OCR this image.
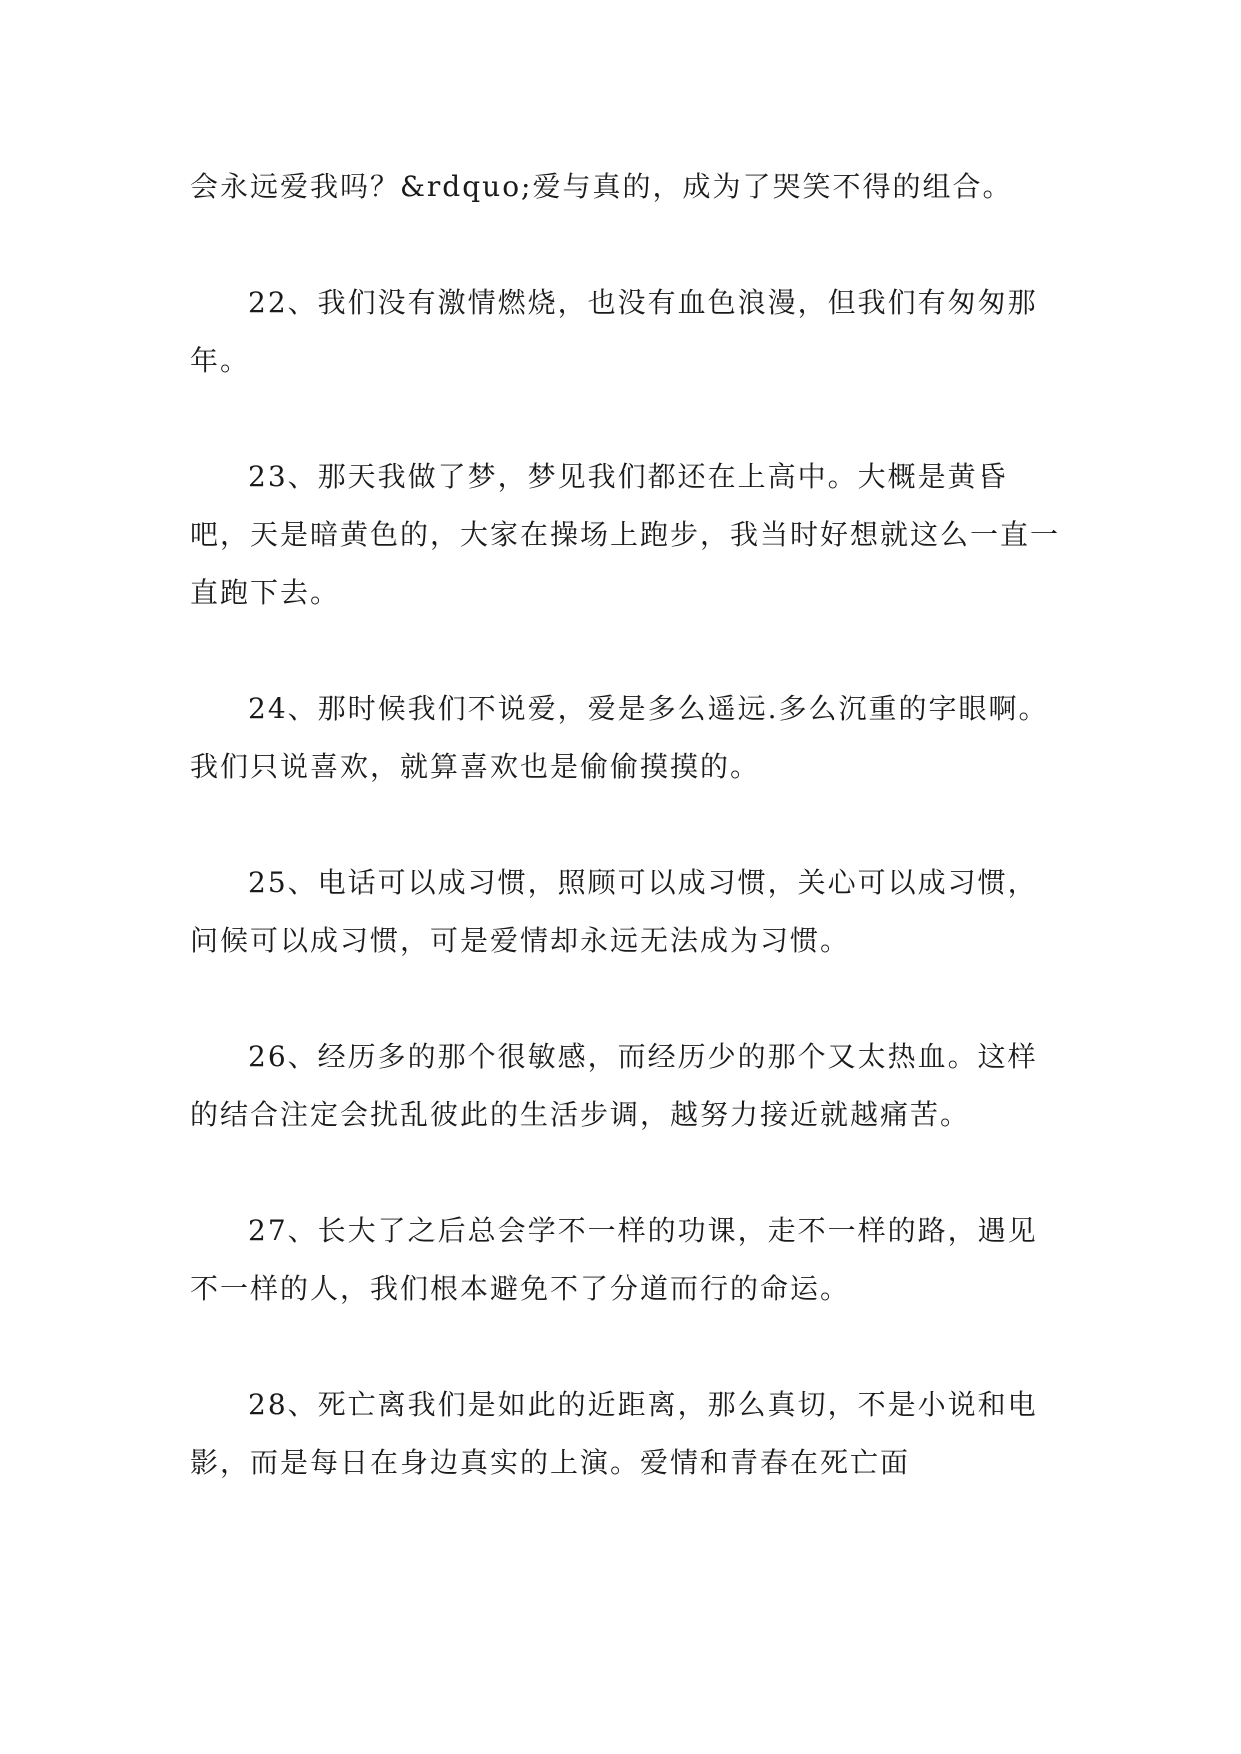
会永远爱我吗？&rdquo;爱与真的，成为了哭笑不得的组合。

22、我们没有激情燃烧，也没有血色浪漫，但我们有匆匆那年。

23、那天我做了梦，梦见我们都还在上高中。大概是黄昏吧，天是暗黄色的，大家在操场上跑步，我当时好想就这么一直一直跑下去。

24、那时候我们不说爱，爱是多么遥远.多么沉重的字眼啊。我们只说喜欢，就算喜欢也是偷偷摸摸的。

25、电话可以成习惯，照顾可以成习惯，关心可以成习惯，问候可以成习惯，可是爱情却永远无法成为习惯。

26、经历多的那个很敏感，而经历少的那个又太热血。这样的结合注定会扰乱彼此的生活步调，越努力接近就越痛苦。

27、长大了之后总会学不一样的功课，走不一样的路，遇见不一样的人，我们根本避免不了分道而行的命运。

28、死亡离我们是如此的近距离，那么真切，不是小说和电影，而是每日在身边真实的上演。爱情和青春在死亡面
